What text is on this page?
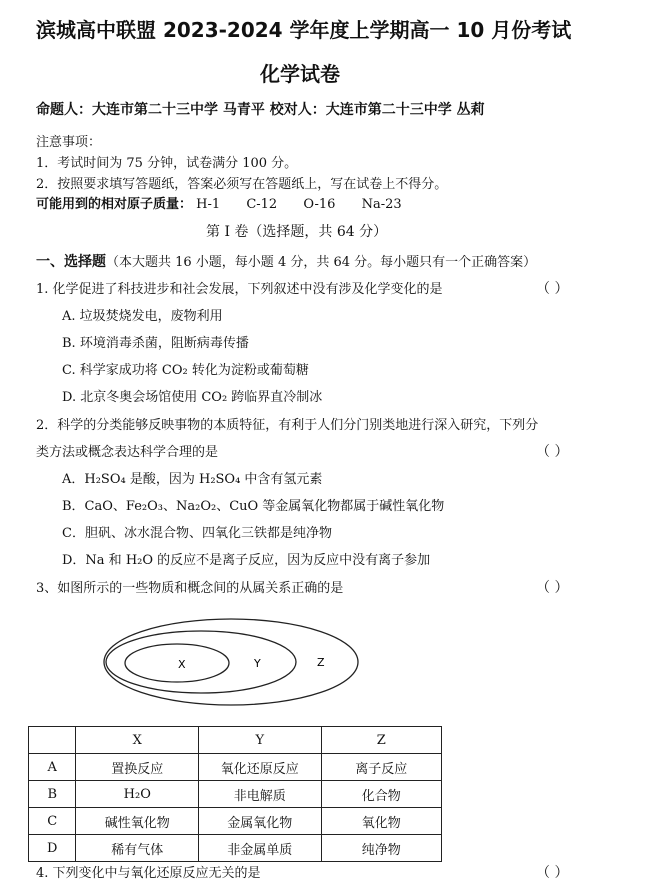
滨城高中联盟 2023-2024 学年度上学期高一 10 月份考试
化学试卷
命题人：大连市第二十三中学 马青平 校对人：大连市第二十三中学 丛莉
注意事项：
1．考试时间为 75 分钟，试卷满分 100 分。
2．按照要求填写答题纸，答案必须写在答题纸上，写在试卷上不得分。
可能用到的相对原子质量： H-1 C-12 O-16 Na-23
第 I 卷（选择题，共 64 分）
一、选择题（本大题共 16 小题，每小题 4 分，共 64 分。每小题只有一个正确答案）
1. 化学促进了科技进步和社会发展，下列叙述中没有涉及化学变化的是	（ ）
A. 垃圾焚烧发电，废物利用
B. 环境消毒杀菌，阻断病毒传播
C. 科学家成功将 CO₂ 转化为淀粉或葡萄糖
D. 北京冬奥会场馆使用 CO₂ 跨临界直冷制冰
2．科学的分类能够反映事物的本质特征，有利于人们分门别类地进行深入研究，下列分
类方法或概念表达科学合理的是	（ ）
A．H₂SO₄ 是酸，因为 H₂SO₄ 中含有氢元素
B．CaO、Fe₂O₃、Na₂O₂、CuO 等金属氧化物都属于碱性氧化物
C．胆矾、冰水混合物、四氧化三铁都是纯净物
D．Na 和 H₂O 的反应不是离子反应，因为反应中没有离子参加
3、如图所示的一些物质和概念间的从属关系正确的是	（ ）
X	Y	Z
	X	Y	Z
A	置换反应	氧化还原反应	离子反应
B	H₂O	非电解质	化合物
C	碱性氧化物	金属氧化物	氧化物
D	稀有气体	非金属单质	纯净物
4. 下列变化中与氧化还原反应无关的是	（ ）
